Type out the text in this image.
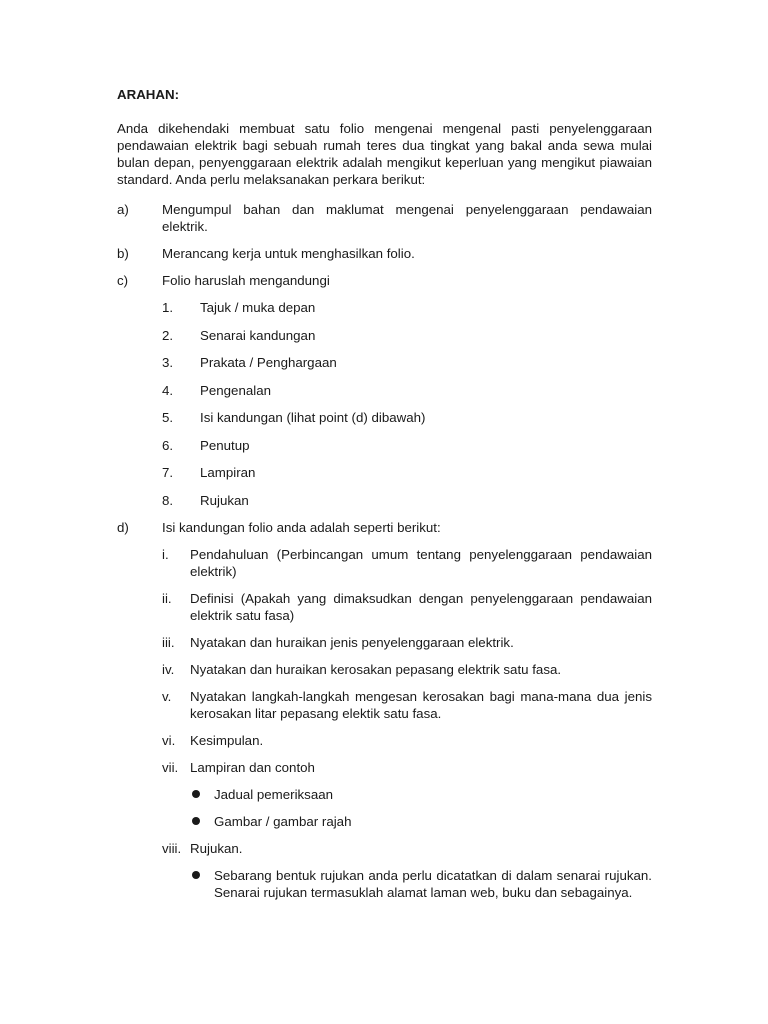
ARAHAN:
Anda dikehendaki membuat satu folio mengenai mengenal pasti penyelenggaraan pendawaian elektrik bagi sebuah rumah teres dua tingkat yang bakal anda sewa mulai bulan depan, penyenggaraan elektrik adalah mengikut keperluan yang mengikut piawaian standard. Anda perlu melaksanakan perkara berikut:
a)	Mengumpul bahan dan maklumat mengenai penyelenggaraan pendawaian elektrik.
b)	Merancang kerja untuk menghasilkan folio.
c)	Folio haruslah mengandungi
1.	Tajuk / muka depan
2.	Senarai kandungan
3.	Prakata / Penghargaan
4.	Pengenalan
5.	Isi kandungan (lihat point (d) dibawah)
6.	Penutup
7.	Lampiran
8.	Rujukan
d)	Isi kandungan folio anda adalah seperti berikut:
i.	Pendahuluan (Perbincangan umum tentang penyelenggaraan pendawaian elektrik)
ii.	Definisi (Apakah yang dimaksudkan dengan penyelenggaraan pendawaian elektrik satu fasa)
iii.	Nyatakan dan huraikan jenis penyelenggaraan elektrik.
iv.	Nyatakan dan huraikan kerosakan pepasang elektrik satu fasa.
v.	Nyatakan langkah-langkah mengesan kerosakan bagi mana-mana dua jenis kerosakan litar pepasang elektik satu fasa.
vi.	Kesimpulan.
vii. Lampiran dan contoh
Jadual pemeriksaan
Gambar / gambar rajah
viii. Rujukan.
Sebarang bentuk rujukan anda perlu dicatatkan di dalam senarai rujukan. Senarai rujukan termasuklah alamat laman web, buku dan sebagainya.
